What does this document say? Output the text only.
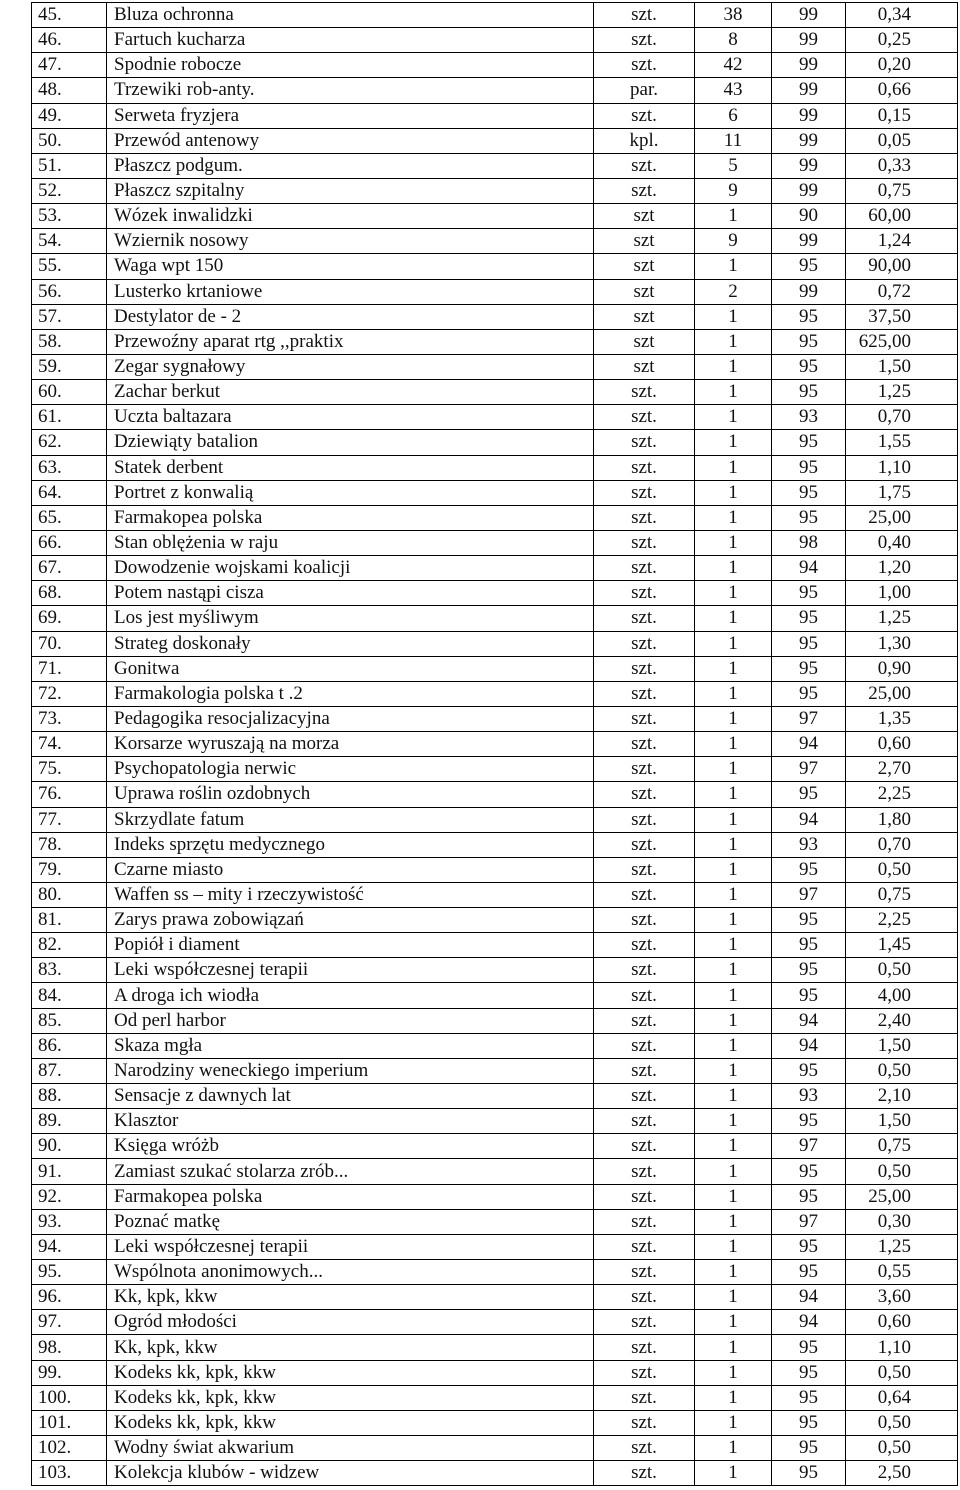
45.	Bluza ochronna	szt.	38	99	0,34
46.	Fartuch kucharza	szt.	8	99	0,25
47.	Spodnie robocze	szt.	42	99	0,20
48.	Trzewiki rob-anty.	par.	43	99	0,66
49.	Serweta fryzjera	szt.	6	99	0,15
50.	Przewód antenowy	kpl.	11	99	0,05
51.	Płaszcz podgum.	szt.	5	99	0,33
52.	Płaszcz szpitalny	szt.	9	99	0,75
53.	Wózek inwalidzki	szt	1	90	60,00
54.	Wziernik nosowy	szt	9	99	1,24
55.	Waga wpt 150	szt	1	95	90,00
56.	Lusterko krtaniowe	szt	2	99	0,72
57.	Destylator de - 2	szt	1	95	37,50
58.	Przewoźny aparat rtg ,,praktix	szt	1	95	625,00
59.	Zegar sygnałowy	szt	1	95	1,50
60.	Zachar berkut	szt.	1	95	1,25
61.	Uczta baltazara	szt.	1	93	0,70
62.	Dziewiąty batalion	szt.	1	95	1,55
63.	Statek derbent	szt.	1	95	1,10
64.	Portret z konwalią	szt.	1	95	1,75
65.	Farmakopea polska	szt.	1	95	25,00
66.	Stan oblężenia w raju	szt.	1	98	0,40
67.	Dowodzenie wojskami koalicji	szt.	1	94	1,20
68.	Potem nastąpi cisza	szt.	1	95	1,00
69.	Los jest myśliwym	szt.	1	95	1,25
70.	Strateg doskonały	szt.	1	95	1,30
71.	Gonitwa	szt.	1	95	0,90
72.	Farmakologia polska t .2	szt.	1	95	25,00
73.	Pedagogika resocjalizacyjna	szt.	1	97	1,35
74.	Korsarze wyruszają na morza	szt.	1	94	0,60
75.	Psychopatologia nerwic	szt.	1	97	2,70
76.	Uprawa roślin ozdobnych	szt.	1	95	2,25
77.	Skrzydlate fatum	szt.	1	94	1,80
78.	Indeks sprzętu medycznego	szt.	1	93	0,70
79.	Czarne miasto	szt.	1	95	0,50
80.	Waffen ss – mity i rzeczywistość	szt.	1	97	0,75
81.	Zarys prawa zobowiązań	szt.	1	95	2,25
82.	Popiół i diament	szt.	1	95	1,45
83.	Leki współczesnej terapii	szt.	1	95	0,50
84.	A droga ich wiodła	szt.	1	95	4,00
85.	Od perl harbor	szt.	1	94	2,40
86.	Skaza mgła	szt.	1	94	1,50
87.	Narodziny weneckiego imperium	szt.	1	95	0,50
88.	Sensacje z dawnych lat	szt.	1	93	2,10
89.	Klasztor	szt.	1	95	1,50
90.	Księga wróżb	szt.	1	97	0,75
91.	Zamiast szukać stolarza zrób...	szt.	1	95	0,50
92.	Farmakopea polska	szt.	1	95	25,00
93.	Poznać matkę	szt.	1	97	0,30
94.	Leki współczesnej terapii	szt.	1	95	1,25
95.	Wspólnota anonimowych...	szt.	1	95	0,55
96.	Kk, kpk, kkw	szt.	1	94	3,60
97.	Ogród młodości	szt.	1	94	0,60
98.	Kk, kpk, kkw	szt.	1	95	1,10
99.	Kodeks kk, kpk, kkw	szt.	1	95	0,50
100.	Kodeks kk, kpk, kkw	szt.	1	95	0,64
101.	Kodeks kk, kpk, kkw	szt.	1	95	0,50
102.	Wodny świat akwarium	szt.	1	95	0,50
103.	Kolekcja klubów - widzew	szt.	1	95	2,50
